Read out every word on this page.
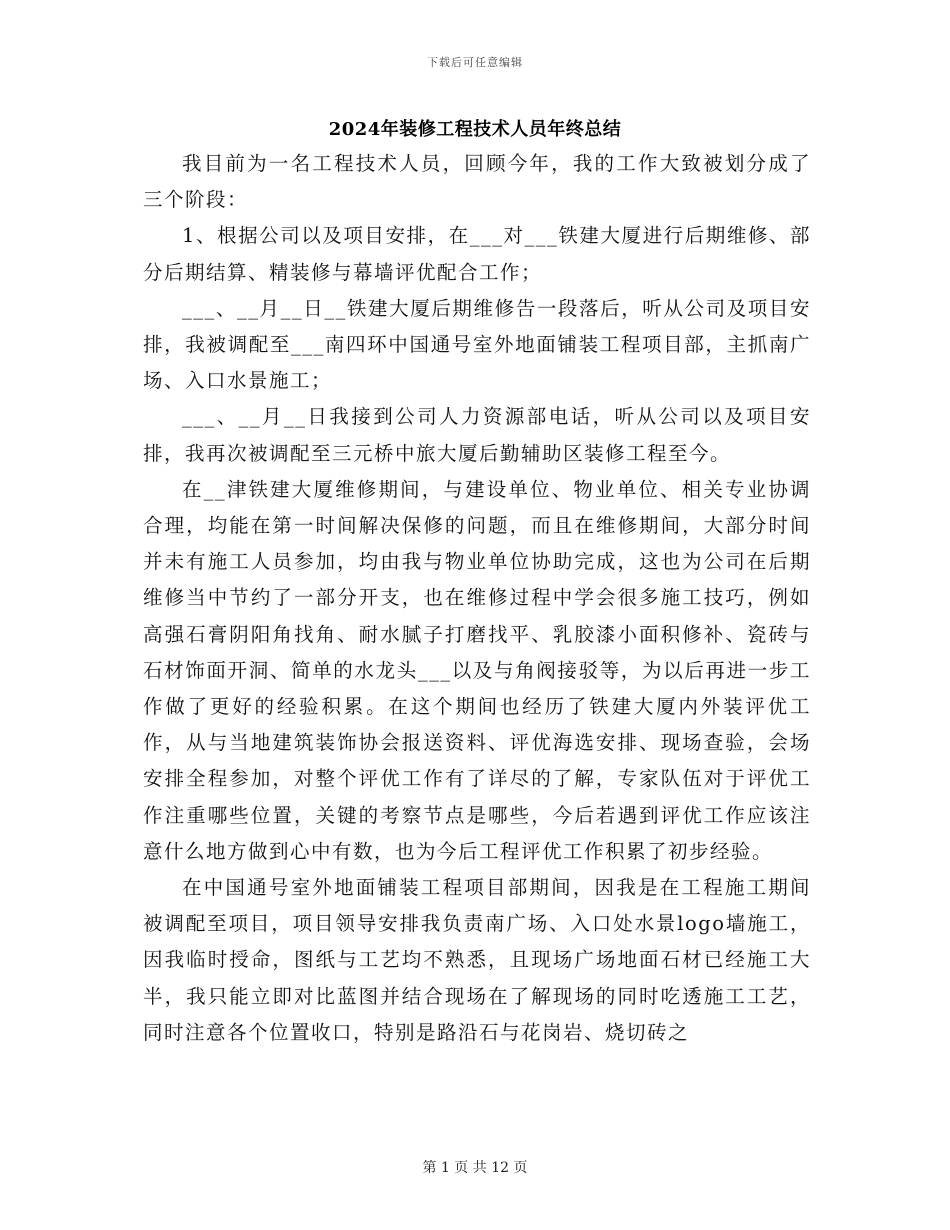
下载后可任意编辑
2024年装修工程技术人员年终总结

我目前为一名工程技术人员，回顾今年，我的工作大致被划分成了三个阶段：

1、根据公司以及项目安排，在___对___铁建大厦进行后期维修、部分后期结算、精装修与幕墙评优配合工作；

___、__月__日__铁建大厦后期维修告一段落后，听从公司及项目安排，我被调配至___南四环中国通号室外地面铺装工程项目部，主抓南广场、入口水景施工；

___、__月__日我接到公司人力资源部电话，听从公司以及项目安排，我再次被调配至三元桥中旅大厦后勤辅助区装修工程至今。

在__津铁建大厦维修期间，与建设单位、物业单位、相关专业协调合理，均能在第一时间解决保修的问题，而且在维修期间，大部分时间并未有施工人员参加，均由我与物业单位协助完成，这也为公司在后期维修当中节约了一部分开支，也在维修过程中学会很多施工技巧，例如高强石膏阴阳角找角、耐水腻子打磨找平、乳胶漆小面积修补、瓷砖与石材饰面开洞、简单的水龙头___以及与角阀接驳等，为以后再进一步工作做了更好的经验积累。在这个期间也经历了铁建大厦内外装评优工作，从与当地建筑装饰协会报送资料、评优海选安排、现场查验，会场安排全程参加，对整个评优工作有了详尽的了解，专家队伍对于评优工作注重哪些位置，关键的考察节点是哪些，今后若遇到评优工作应该注意什么地方做到心中有数，也为今后工程评优工作积累了初步经验。

在中国通号室外地面铺装工程项目部期间，因我是在工程施工期间被调配至项目，项目领导安排我负责南广场、入口处水景logo墙施工，因我临时授命，图纸与工艺均不熟悉，且现场广场地面石材已经施工大半，我只能立即对比蓝图并结合现场在了解现场的同时吃透施工工艺，同时注意各个位置收口，特别是路沿石与花岗岩、烧切砖之

第 1 页 共 12 页
